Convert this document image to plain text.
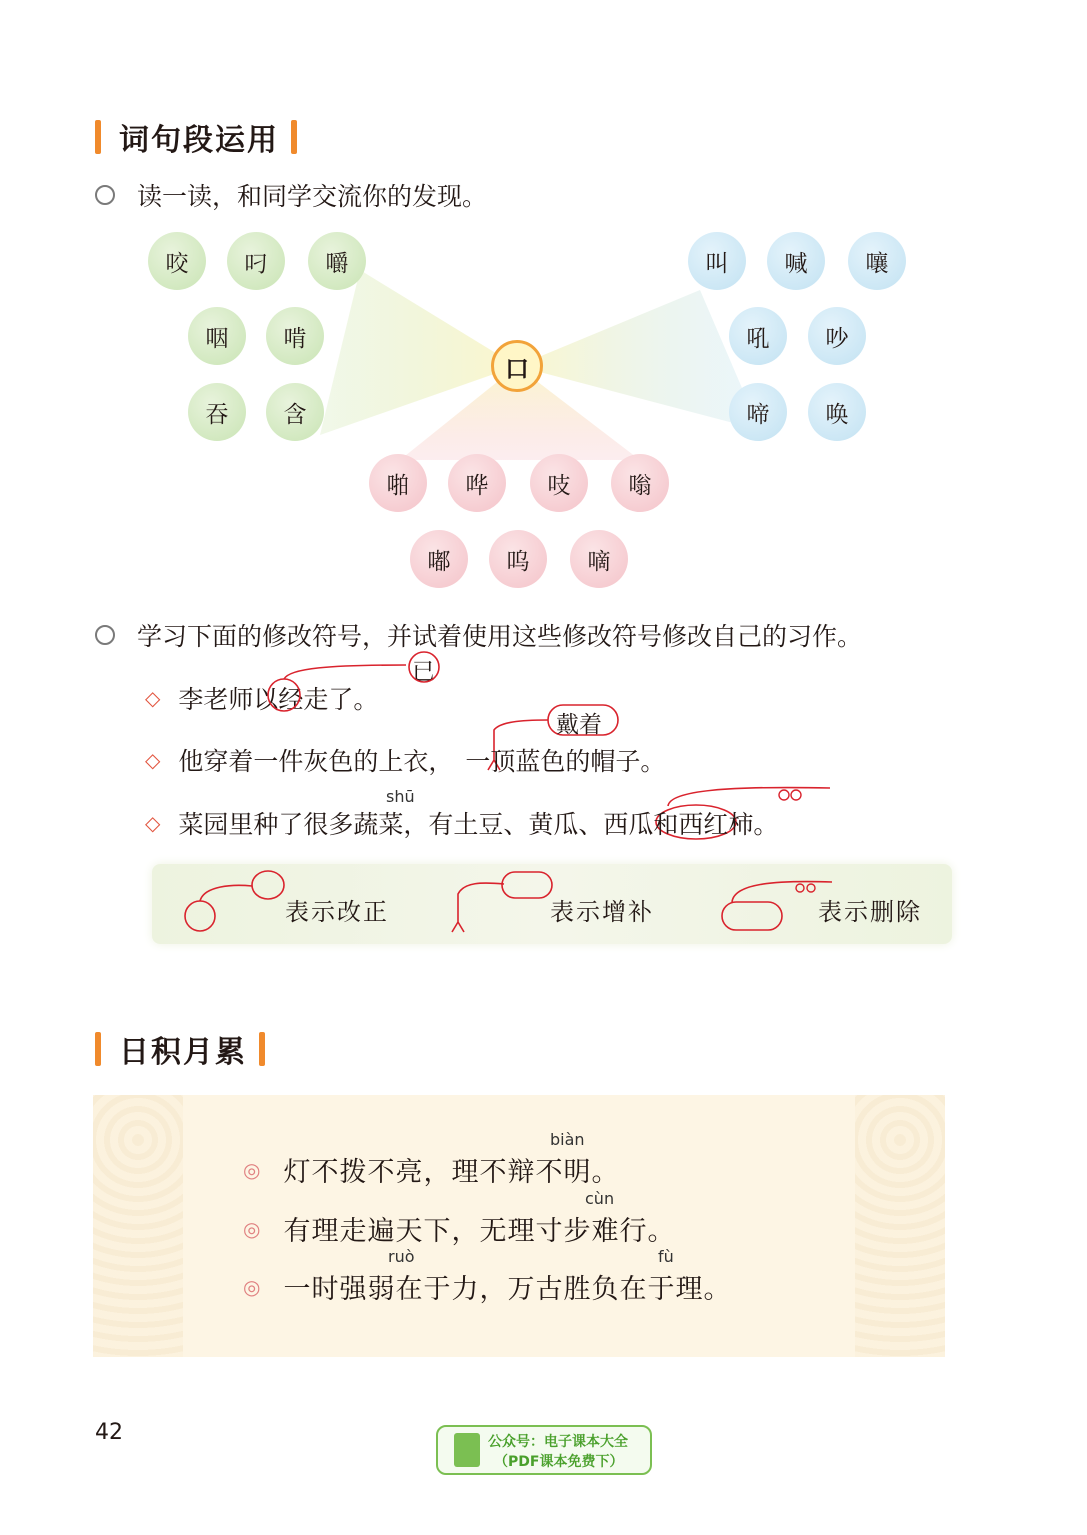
词句段运用
读一读，和同学交流你的发现。
口
咬	叼	嚼
咽	啃
吞	含
叫	喊	嚷
吼	吵
啼	唤
啪	哗	吱	嗡
嘟	呜	嘀
学习下面的修改符号，并试着使用这些修改符号修改自己的习作。
◇ 李老师 以 经走了。
已
◇ 他穿着一件灰色的上衣， 一顶蓝色的帽子。
戴着
shū
◇ 菜园里种了很多蔬菜，有土豆、黄瓜 、西瓜 和西红柿。
表示改正	表示增补	表示删除
日积月累
biàn
◎ 灯不拨不亮，理不辩不明。
cùn
◎ 有理走遍天下，无理寸步难行。
ruò	fù
◎ 一时强弱在于力，万古胜负在于理。
42	公众号：电子课本大全
（PDF课本免费下）
